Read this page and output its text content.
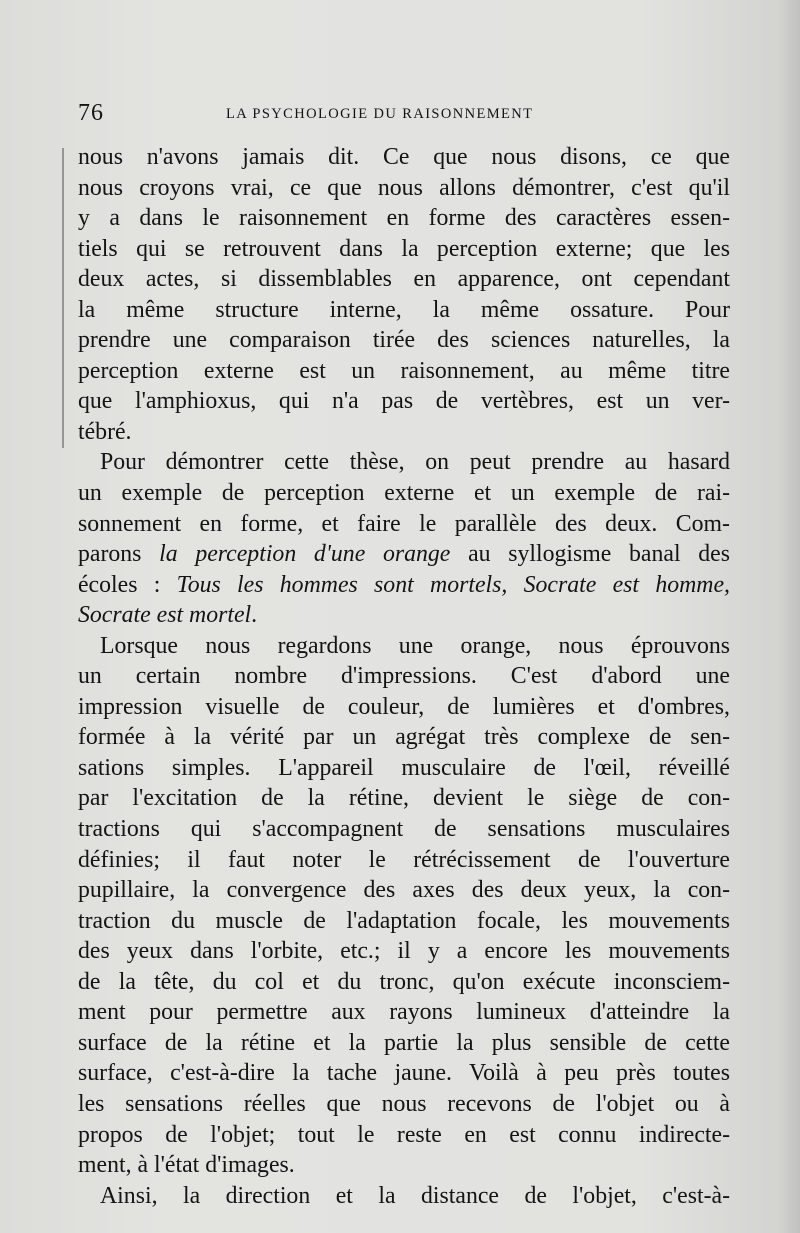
76	LA PSYCHOLOGIE DU RAISONNEMENT
nous n'avons jamais dit. Ce que nous disons, ce que
nous croyons vrai, ce que nous allons démontrer, c'est qu'il
y a dans le raisonnement en forme des caractères essen-
tiels qui se retrouvent dans la perception externe; que les
deux actes, si dissemblables en apparence, ont cependant
la même structure interne, la même ossature. Pour
prendre une comparaison tirée des sciences naturelles, la
perception externe est un raisonnement, au même titre
que l'amphioxus, qui n'a pas de vertèbres, est un ver-
tébré.
Pour démontrer cette thèse, on peut prendre au hasard
un exemple de perception externe et un exemple de rai-
sonnement en forme, et faire le parallèle des deux. Com-
parons la perception d'une orange au syllogisme banal des
écoles : Tous les hommes sont mortels, Socrate est homme,
Socrate est mortel.
Lorsque nous regardons une orange, nous éprouvons
un certain nombre d'impressions. C'est d'abord une
impression visuelle de couleur, de lumières et d'ombres,
formée à la vérité par un agrégat très complexe de sen-
sations simples. L'appareil musculaire de l'œil, réveillé
par l'excitation de la rétine, devient le siège de con-
tractions qui s'accompagnent de sensations musculaires
définies; il faut noter le rétrécissement de l'ouverture
pupillaire, la convergence des axes des deux yeux, la con-
traction du muscle de l'adaptation focale, les mouvements
des yeux dans l'orbite, etc.; il y a encore les mouvements
de la tête, du col et du tronc, qu'on exécute inconsciem-
ment pour permettre aux rayons lumineux d'atteindre la
surface de la rétine et la partie la plus sensible de cette
surface, c'est-à-dire la tache jaune. Voilà à peu près toutes
les sensations réelles que nous recevons de l'objet ou à
propos de l'objet; tout le reste en est connu indirecte-
ment, à l'état d'images.
Ainsi, la direction et la distance de l'objet, c'est-à-
